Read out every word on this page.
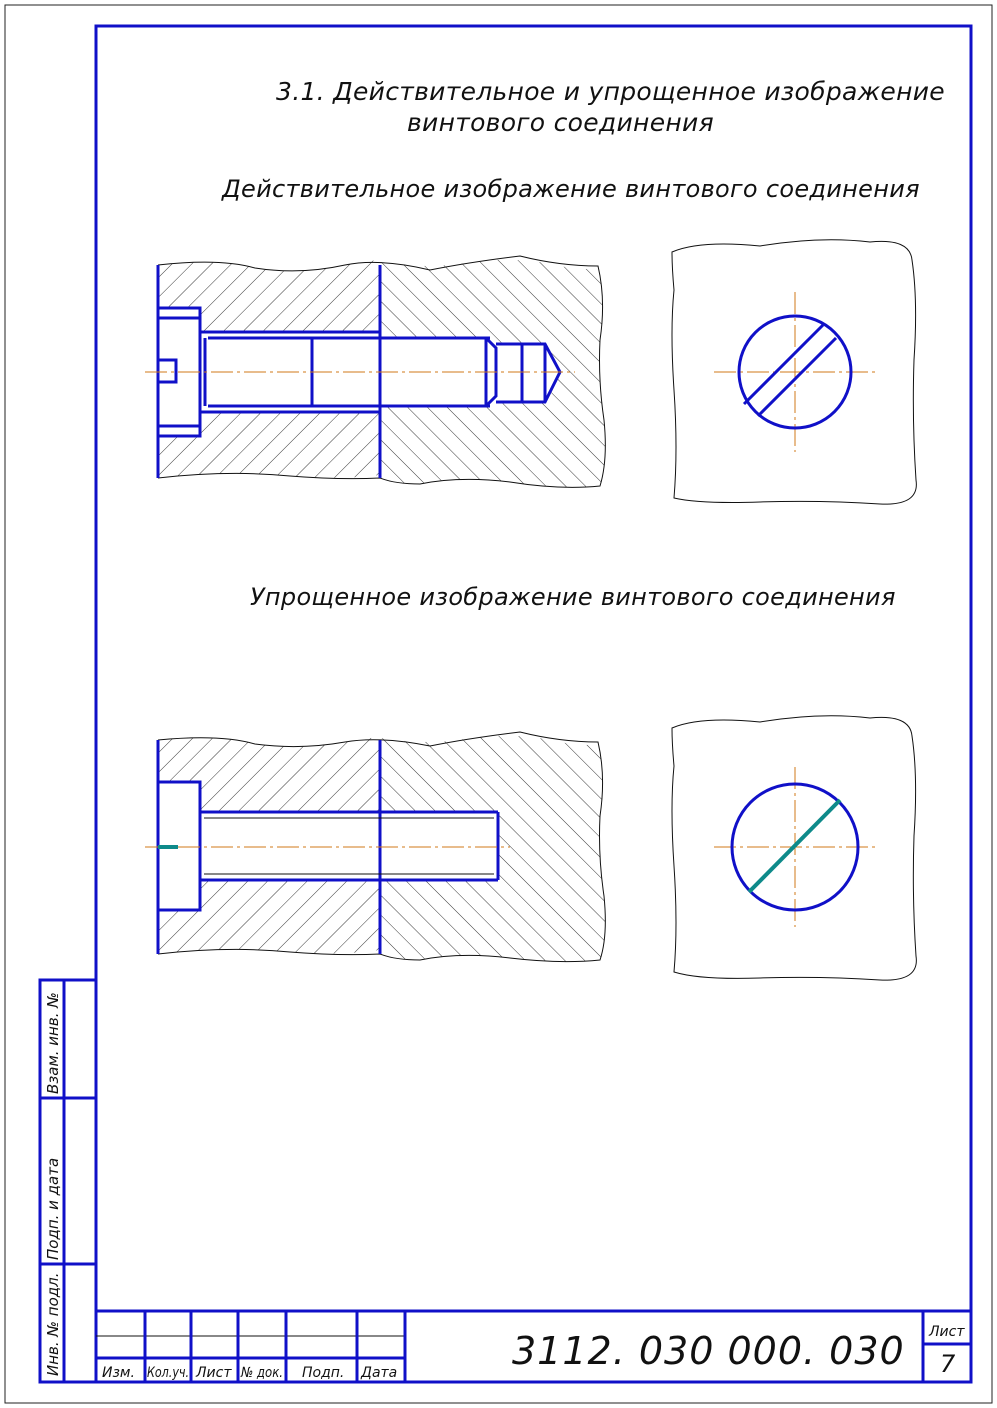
3.1. Действительное и упрощенное изображение
винтового соединения
Действительное изображение винтового соединения
Упрощенное изображение винтового соединения
Взам. инв. №
Подп. и дата
Инв. № подл.	Изм. Кол.уч. Лист № док. Подп. Дата	3112. 030 000. 030 Лист
7
